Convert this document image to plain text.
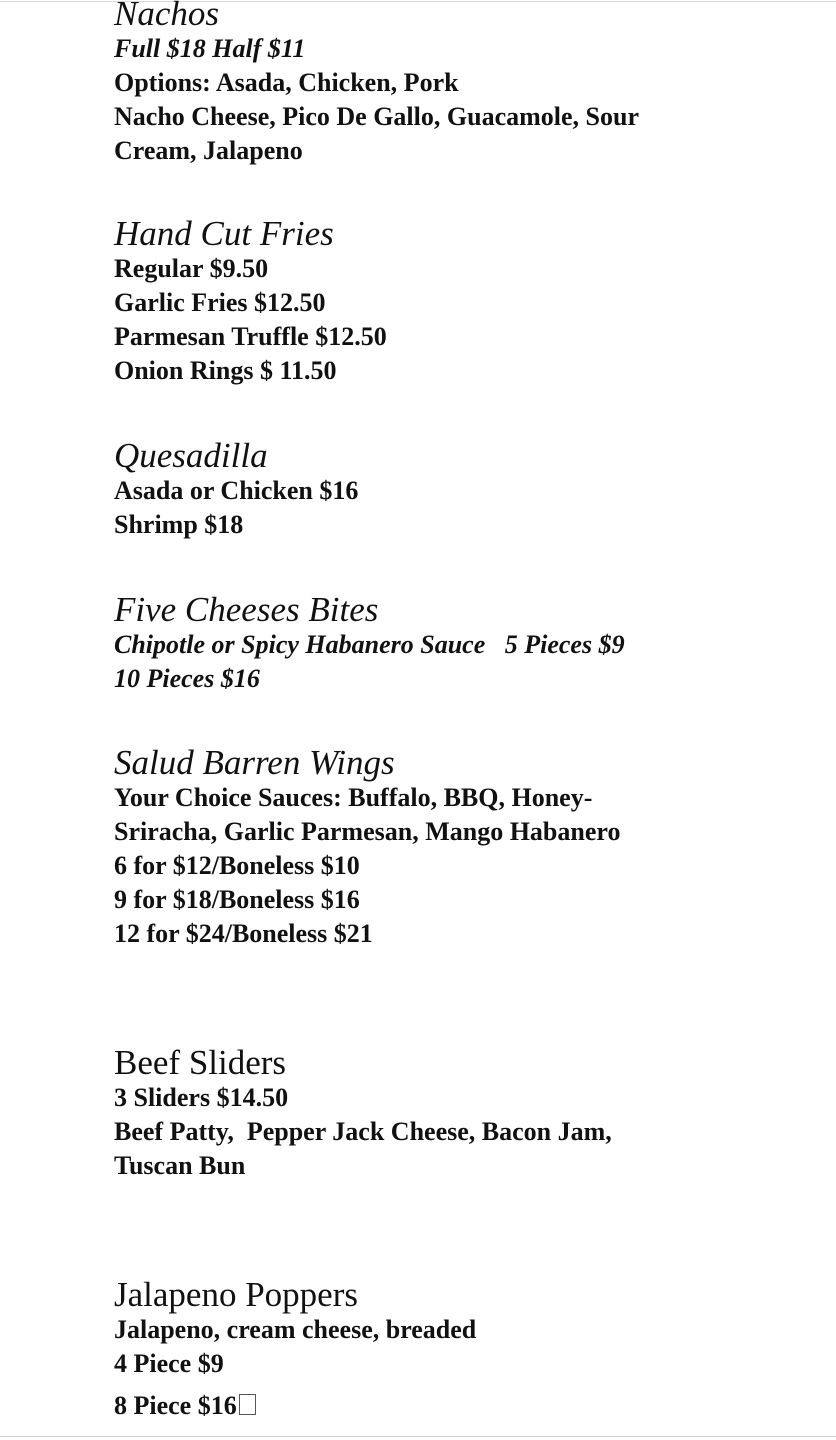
Nachos

Full $18 Half $11

Options: Asada, Chicken, Pork

Nacho Cheese, Pico De Gallo, Guacamole, Sour

Cream, Jalapeno

Hand Cut Fries

Regular $9.50

Garlic Fries $12.50

Parmesan Truffle $12.50

Onion Rings $ 11.50

Quesadilla

Asada or Chicken $16

Shrimp $18

Five Cheeses Bites

Chipotle or Spicy Habanero Sauce   5 Pieces $9

10 Pieces $16

Salud Barren Wings

Your Choice Sauces: Buffalo, BBQ, Honey-

Sriracha, Garlic Parmesan, Mango Habanero

6 for $12/Boneless $10

9 for $18/Boneless $16

12 for $24/Boneless $21

Beef Sliders

3 Sliders $14.50

Beef Patty,  Pepper Jack Cheese, Bacon Jam,

Tuscan Bun

Jalapeno Poppers

Jalapeno, cream cheese, breaded

4 Piece $9

8 Piece $16
